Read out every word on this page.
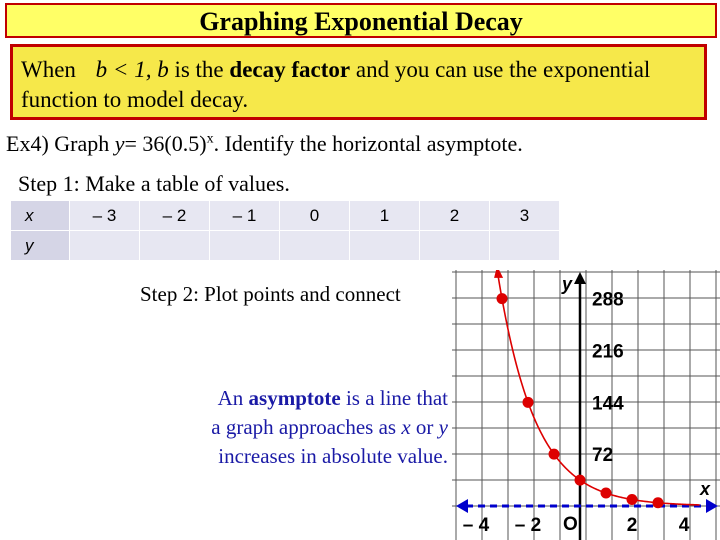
Graphing Exponential Decay
When b < 1, b is the decay factor and you can use the exponential function to model decay.
Ex4) Graph $y= 36(0.5)^x$. Identify the horizontal asymptote.
Step 1: Make a table of values.
x	– 3	– 2	– 1	0	1	2	3
y							
Step 2: Plot points and connect
An asymptote is a line that
a graph approaches as x or y
increases in absolute value.
y
288
216
144
72
– 4 – 2	2 4
O
x
